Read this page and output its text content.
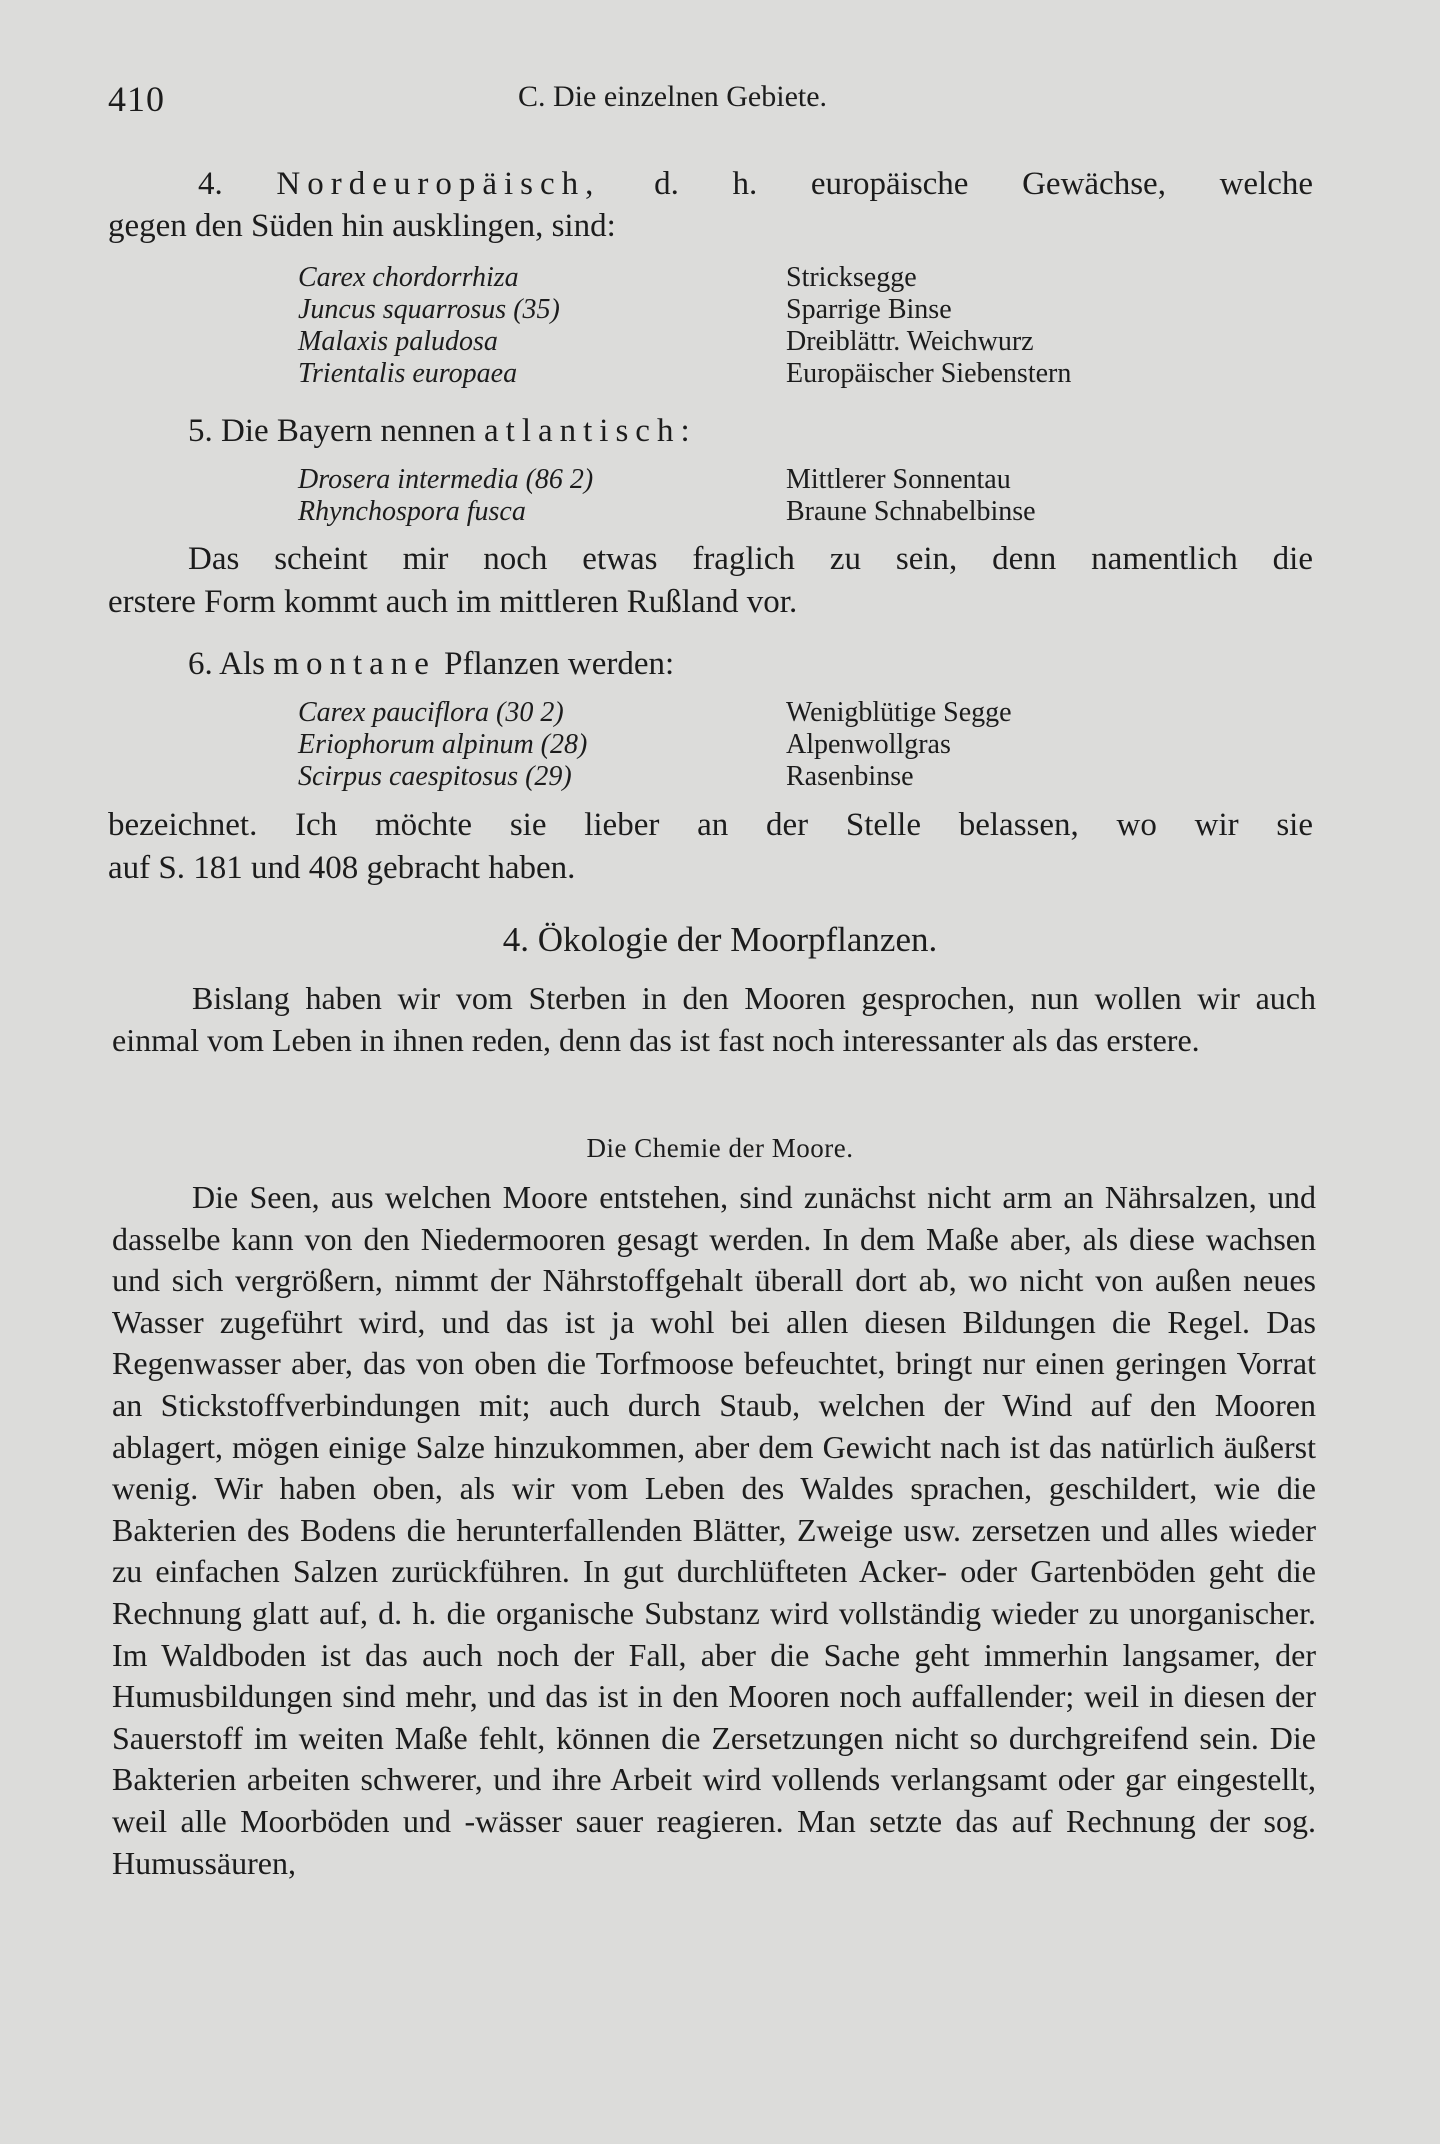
410	C. Die einzelnen Gebiete.
4. Nordeuropäisch, d. h. europäische Gewächse, welche
gegen den Süden hin ausklingen, sind:
Carex chordorrhiza	Stricksegge
Juncus squarrosus (35)	Sparrige Binse
Malaxis paludosa	Dreiblättr. Weichwurz
Trientalis europaea	Europäischer Siebenstern
5. Die Bayern nennen atlantisch:
Drosera intermedia (86 2)	Mittlerer Sonnentau
Rhynchospora fusca	Braune Schnabelbinse
Das scheint mir noch etwas fraglich zu sein, denn namentlich die
erstere Form kommt auch im mittleren Rußland vor.
6. Als montane Pflanzen werden:
Carex pauciflora (30 2)	Wenigblütige Segge
Eriophorum alpinum (28)	Alpenwollgras
Scirpus caespitosus (29)	Rasenbinse
bezeichnet. Ich möchte sie lieber an der Stelle belassen, wo wir sie
auf S. 181 und 408 gebracht haben.
4. Ökologie der Moorpflanzen.

Bislang haben wir vom Sterben in den Mooren gesprochen, nun wollen wir auch einmal vom Leben in ihnen reden, denn das ist fast noch interessanter als das erstere.

Die Chemie der Moore.

Die Seen, aus welchen Moore entstehen, sind zunächst nicht arm an Nährsalzen, und dasselbe kann von den Niedermooren gesagt werden. In dem Maße aber, als diese wachsen und sich vergrößern, nimmt der Nährstoffgehalt überall dort ab, wo nicht von außen neues Wasser zugeführt wird, und das ist ja wohl bei allen diesen Bildungen die Regel. Das Regenwasser aber, das von oben die Torfmoose befeuchtet, bringt nur einen geringen Vorrat an Stickstoffverbindungen mit; auch durch Staub, welchen der Wind auf den Mooren ablagert, mögen einige Salze hinzukommen, aber dem Gewicht nach ist das natürlich äußerst wenig. Wir haben oben, als wir vom Leben des Waldes sprachen, geschildert, wie die Bakterien des Bodens die herunterfallenden Blätter, Zweige usw. zersetzen und alles wieder zu einfachen Salzen zurückführen. In gut durchlüfteten Acker- oder Gartenböden geht die Rechnung glatt auf, d. h. die organische Substanz wird vollständig wieder zu unorganischer. Im Waldboden ist das auch noch der Fall, aber die Sache geht immerhin langsamer, der Humusbildungen sind mehr, und das ist in den Mooren noch auffallender; weil in diesen der Sauerstoff im weiten Maße fehlt, können die Zersetzungen nicht so durchgreifend sein. Die Bakterien arbeiten schwerer, und ihre Arbeit wird vollends verlangsamt oder gar eingestellt, weil alle Moorböden und -wässer sauer reagieren. Man setzte das auf Rechnung der sog. Humussäuren,
